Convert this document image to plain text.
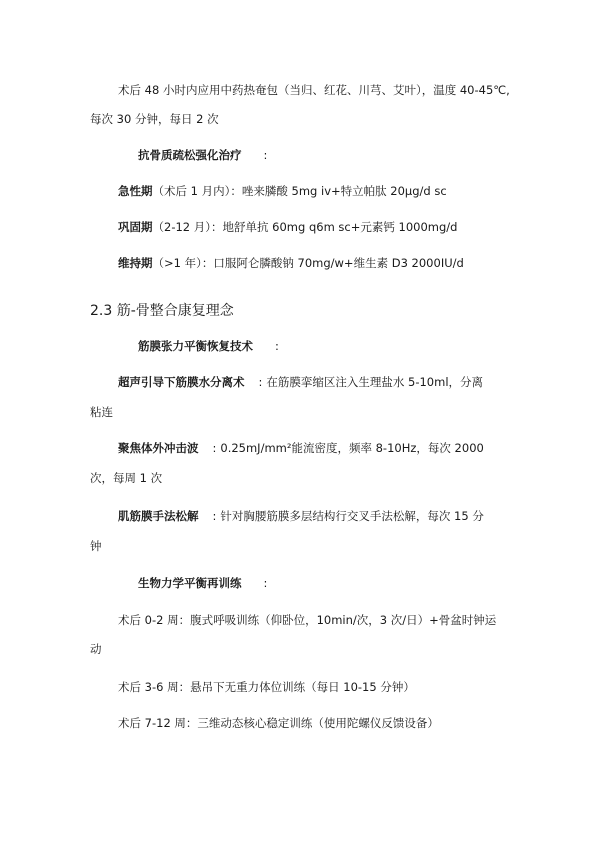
术后 48 小时内应用中药热奄包（当归、红花、川芎、艾叶），温度 40-45℃,
每次 30 分钟，每日 2 次
抗骨质疏松强化治疗 :
急性期（术后 1 月内）：唑来膦酸 5mg iv+特立帕肽 20μg/d sc
巩固期（2-12 月）：地舒单抗 60mg q6m sc+元素钙 1000mg/d
维持期（>1 年）：口服阿仑膦酸钠 70mg/w+维生素 D3 2000IU/d
2.3 筋-骨整合康复理念
筋膜张力平衡恢复技术 :
超声引导下筋膜水分离术 : 在筋膜挛缩区注入生理盐水 5-10ml，分离
粘连
聚焦体外冲击波 : 0.25mJ/mm²能流密度，频率 8-10Hz，每次 2000
次，每周 1 次
肌筋膜手法松解 : 针对胸腰筋膜多层结构行交叉手法松解，每次 15 分
钟
生物力学平衡再训练 :
术后 0-2 周：腹式呼吸训练（仰卧位，10min/次，3 次/日）+骨盆时钟运
动
术后 3-6 周：悬吊下无重力体位训练（每日 10-15 分钟）
术后 7-12 周：三维动态核心稳定训练（使用陀螺仪反馈设备）
